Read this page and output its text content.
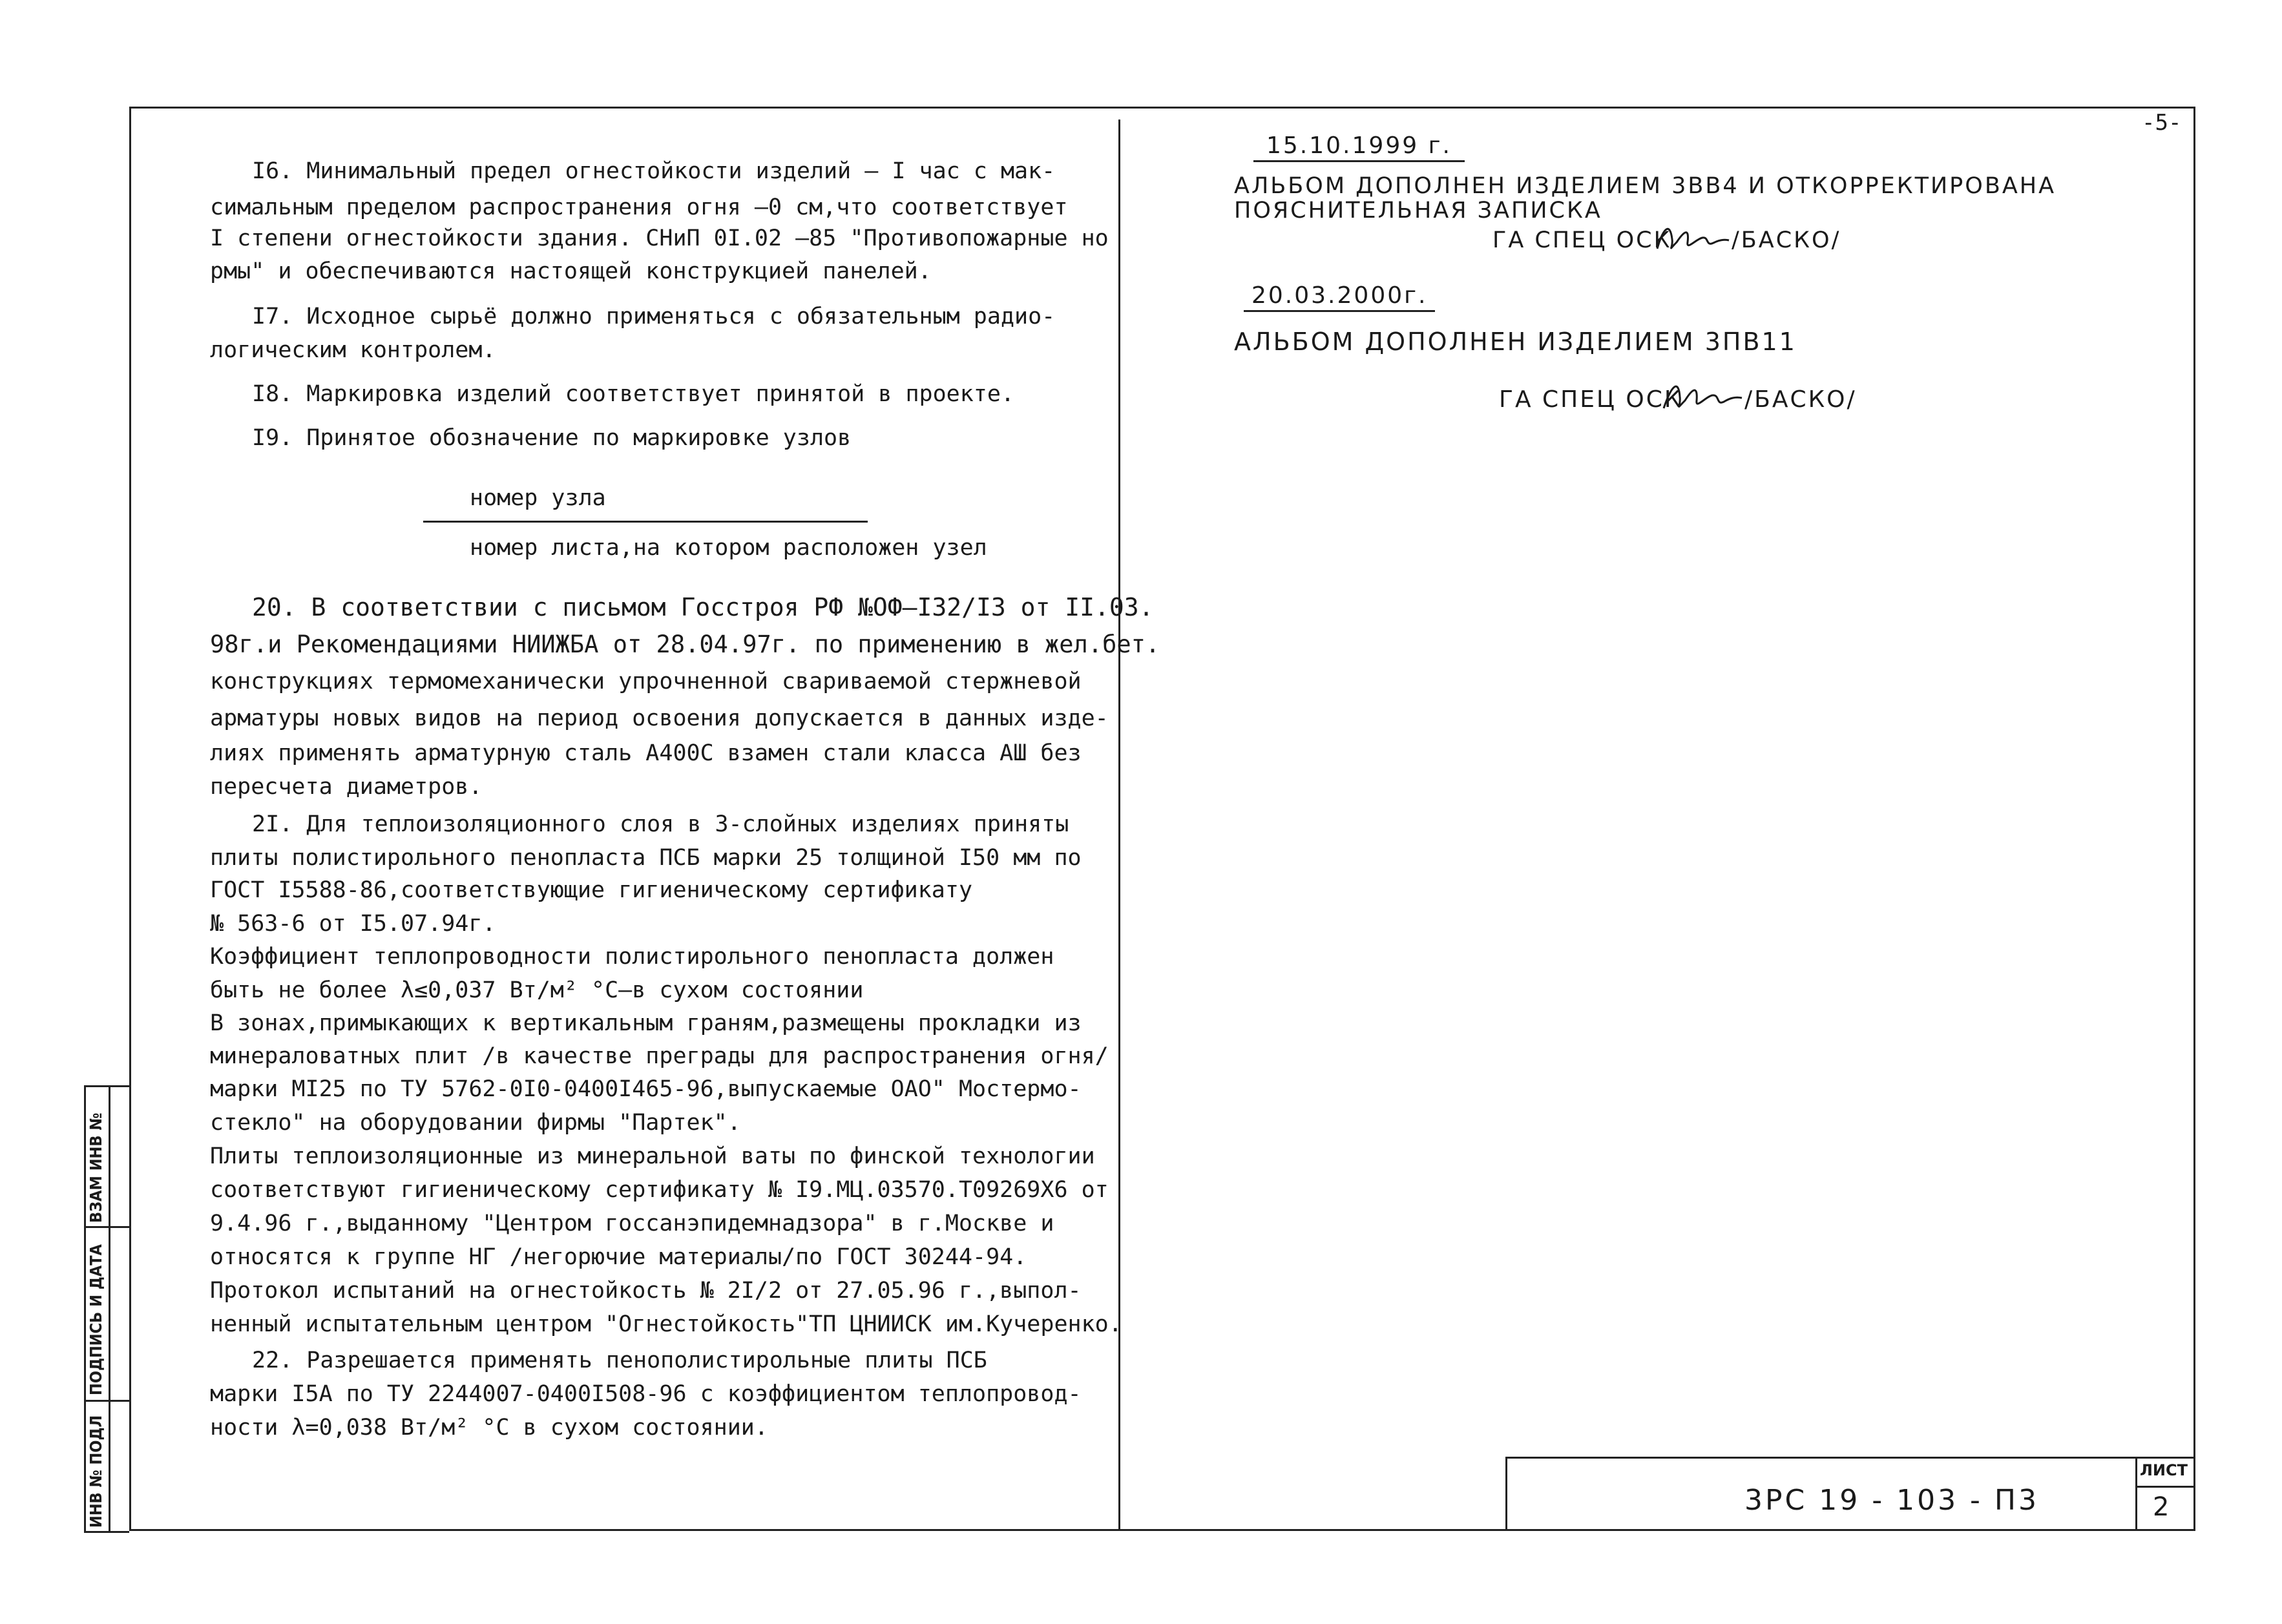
-5-
ИНВ № ПОДЛ
ПОДПИСЬ И ДАТА
ВЗАМ ИНВ №
I6. Минимальный предел огнестойкости изделий – I час с мак-
симальным пределом распространения огня –0 см,что соответствует
I степени огнестойкости здания. СНиП 0I.02 –85 "Противопожарные но
рмы" и обеспечиваются настоящей конструкцией панелей.
I7. Исходное сырьё должно применяться с обязательным радио-
логическим контролем.
I8. Маркировка изделий соответствует принятой в проекте.
I9. Принятое обозначение по маркировке узлов
номер узла
номер листа,на котором расположен узел
20. В соответствии с письмом Госстроя РФ №ОФ–I32/I3 от II.03.
98г.и Рекомендациями НИИЖБА от 28.04.97г. по применению в жел.бет.
конструкциях термомеханически упрочненной свариваемой стержневой
арматуры новых видов на период освоения допускается в данных изде-
лиях применять арматурную сталь А400С взамен стали класса АШ без
пересчета диаметров.
2I. Для теплоизоляционного слоя в 3-слойных изделиях приняты
плиты полистирольного пенопласта ПСБ марки 25 толщиной I50 мм по
ГОСТ I5588-86,соответствующие гигиеническому сертификату
№ 563-6 от I5.07.94г.
Коэффициент теплопроводности полистирольного пенопласта должен
быть не более λ≤0,037 Вт/м² °С–в сухом состоянии
В зонах,примыкающих к вертикальным граням,размещены прокладки из
минераловатных плит /в качестве преграды для распространения огня/
марки МI25 по ТУ 5762-0I0-0400I465-96,выпускаемые ОАО" Мостермо-
стекло" на оборудовании фирмы "Партек".
Плиты теплоизоляционные из минеральной ваты по финской технологии
соответствуют гигиеническому сертификату № I9.МЦ.03570.Т09269Х6 от
9.4.96 г.,выданному "Центром госсанэпидемнадзора" в г.Москве и
относятся к группе НГ /негорючие материалы/по ГОСТ 30244-94.
Протокол испытаний на огнестойкость № 2I/2 от 27.05.96 г.,выпол-
ненный испытательным центром "Огнестойкость"ТП ЦНИИСК им.Кучеренко.
22. Разрешается применять пенополистирольные плиты ПСБ
марки I5А по ТУ 2244007-0400I508-96 с коэффициентом теплопровод-
ности λ=0,038 Вт/м² °С в сухом состоянии.
15.10.1999 г.
АЛЬБОМ ДОПОЛНЕН ИЗДЕЛИЕМ 3ВВ4 И ОТКОРРЕКТИРОВАНА
ПОЯСНИТЕЛЬНАЯ ЗАПИСКА
ГА СПЕЦ ОСК	/БАСКО/
20.03.2000г.
АЛЬБОМ ДОПОЛНЕН ИЗДЕЛИЕМ 3ПВ11
ГА СПЕЦ ОСК	/БАСКО/
3РС 19 - 103 - П3
ЛИСТ
2
